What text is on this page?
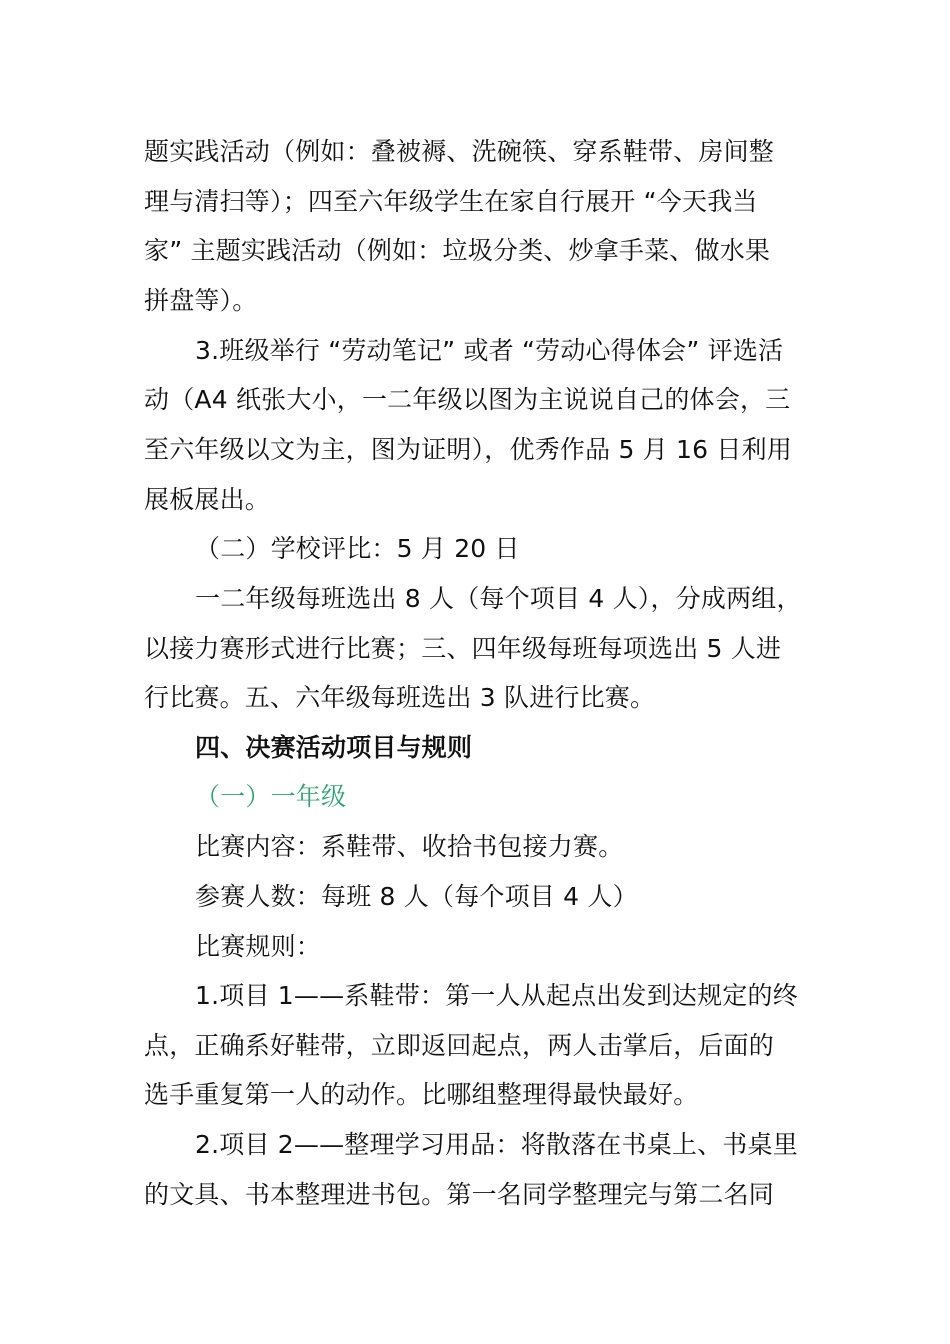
题实践活动（例如：叠被褥、洗碗筷、穿系鞋带、房间整
理与清扫等）；四至六年级学生在家自行展开 “今天我当
家” 主题实践活动（例如：垃圾分类、炒拿手菜、做水果
拼盘等）。
3.班级举行 “劳动笔记” 或者 “劳动心得体会” 评选活
动（A4 纸张大小，一二年级以图为主说说自己的体会，三
至六年级以文为主，图为证明），优秀作品 5 月 16 日利用
展板展出。
（二）学校评比：5 月 20 日
一二年级每班选出 8 人（每个项目 4 人），分成两组，
以接力赛形式进行比赛；三、四年级每班每项选出 5 人进
行比赛。五、六年级每班选出 3 队进行比赛。
四、决赛活动项目与规则
（一）一年级
比赛内容：系鞋带、收拾书包接力赛。
参赛人数：每班 8 人（每个项目 4 人）
比赛规则：
1.项目 1——系鞋带：第一人从起点出发到达规定的终
点，正确系好鞋带，立即返回起点，两人击掌后，后面的
选手重复第一人的动作。比哪组整理得最快最好。
2.项目 2——整理学习用品：将散落在书桌上、书桌里
的文具、书本整理进书包。第一名同学整理完与第二名同
